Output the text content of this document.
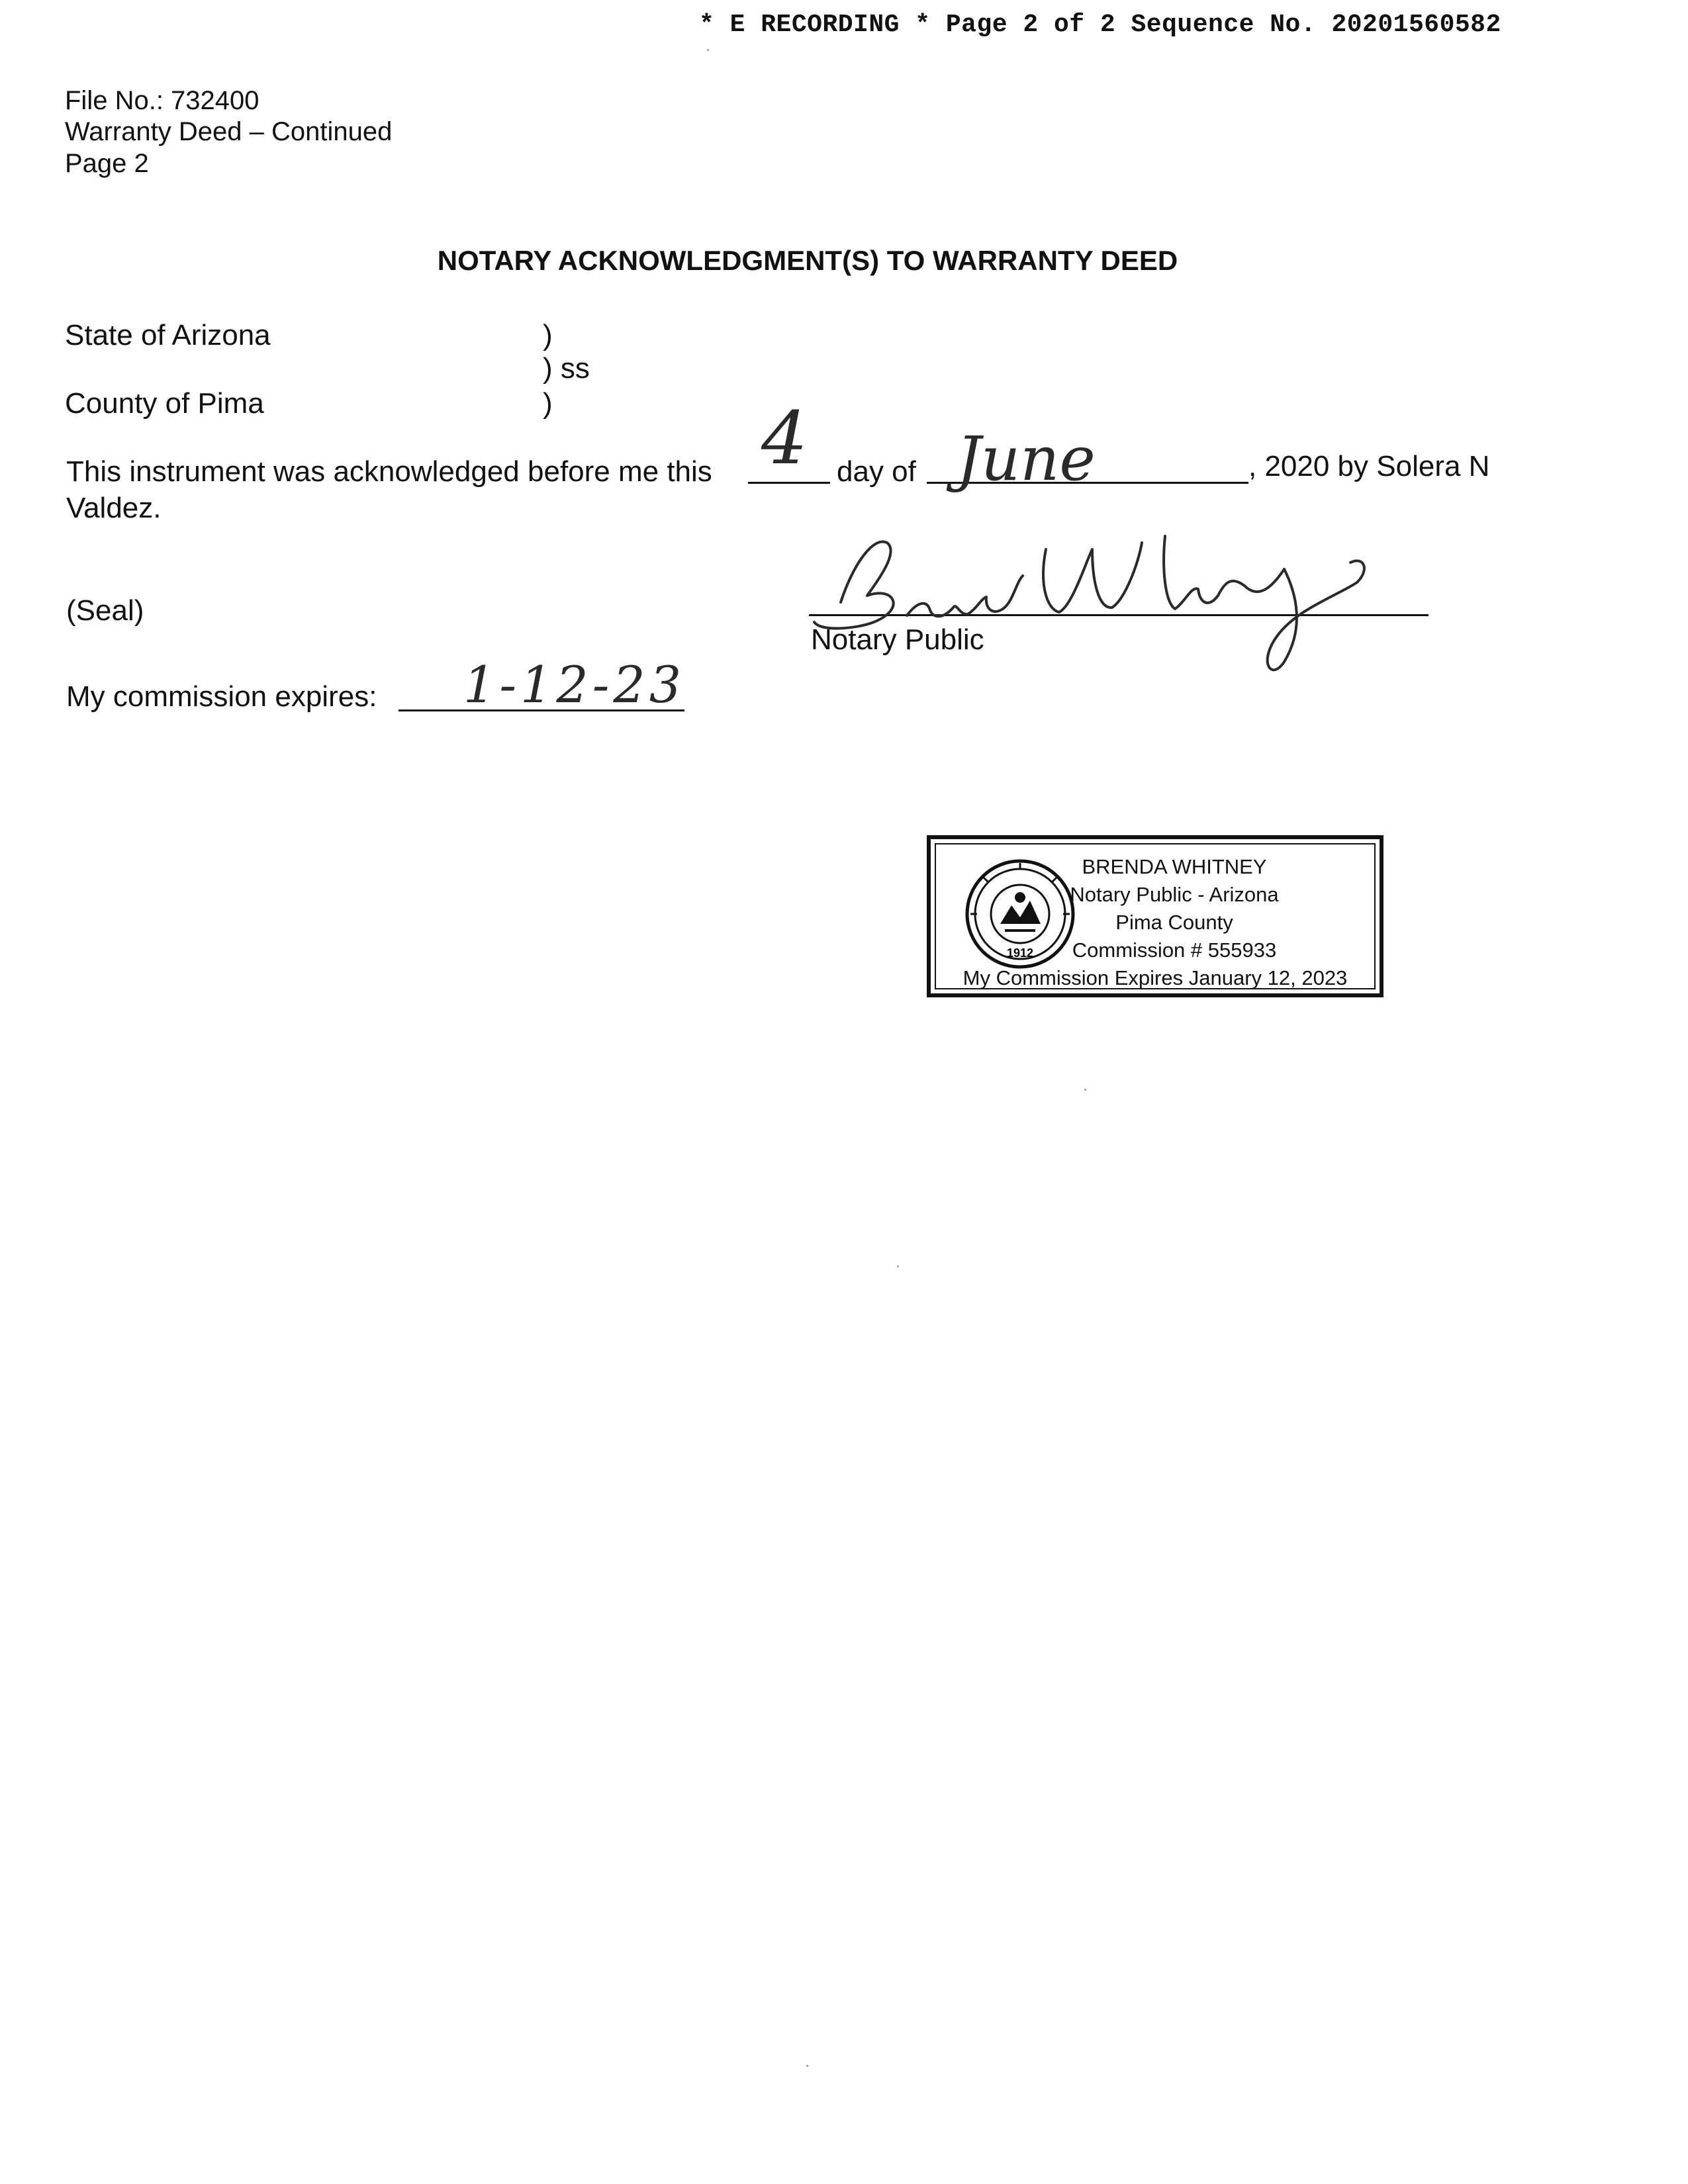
* E RECORDING * Page 2 of 2 Sequence No. 20201560582
File No.: 732400
Warranty Deed – Continued
Page 2
NOTARY ACKNOWLEDGMENT(S) TO WARRANTY DEED
State of Arizona	)
) ss
County of Pima	)
This instrument was acknowledged before me this 4 day of June	, 2020 by Solera N
Valdez.
(Seal)
Notary Public
My commission expires: 1-12-23
1912
BRENDA WHITNEY
Notary Public - Arizona
Pima County
Commission # 555933
My Commission Expires January 12, 2023
